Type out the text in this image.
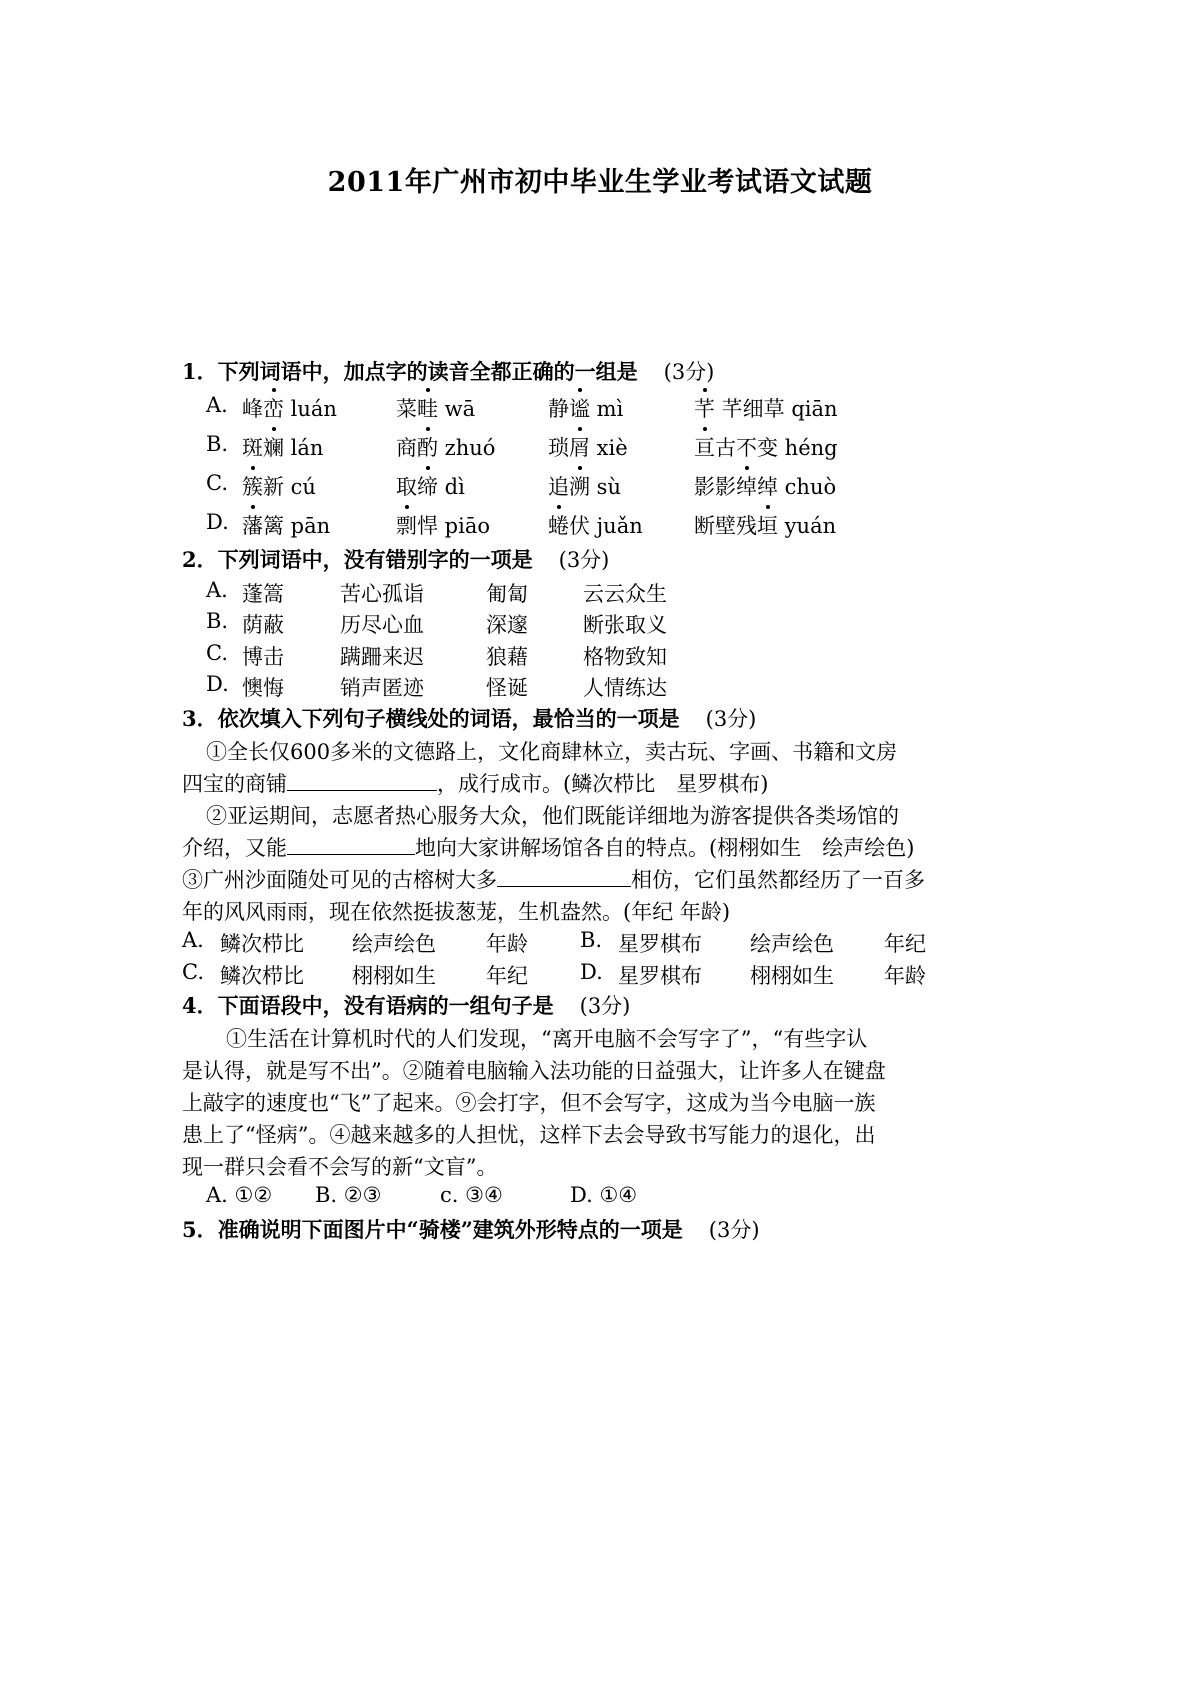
2011年广州市初中毕业生学业考试语文试题
1．下列词语中，加点字的读音全都正确的一组是 (3分)
A. 峰峦 luán	菜畦 wā	静谧 mì	芊 芊细草 qiān
B. 斑斓 lán	商酌 zhuó	琐屑 xiè	亘古不变 héng
C. 簇新 cú	取缔 dì	追溯 sù	影影绰绰 chuò
D. 藩篱 pān	剽悍 piāo	蜷伏 juǎn 断壁残垣 yuán
2．下列词语中，没有错别字的一项是 (3分)
A. 蓬篙	苦心孤诣	匍匐	云云众生
B. 荫蔽	历尽心血	深邃	断张取义
C. 博击	蹒跚来迟	狼藉	格物致知
D. 懊悔	销声匿迹	怪诞	人情练达
3．依次填入下列句子横线处的词语，最恰当的一项是 (3分)
①全长仅600多米的文德路上，文化商肆林立，卖古玩、字画、书籍和文房
四宝的商铺	，成行成市。(鳞次栉比　星罗棋布)
②亚运期间，志愿者热心服务大众，他们既能详细地为游客提供各类场馆的
介绍，又能	地向大家讲解场馆各自的特点。(栩栩如生　绘声绘色)
③广州沙面随处可见的古榕树大多	相仿，它们虽然都经历了一百多
年的风风雨雨，现在依然挺拔葱茏，生机盎然。(年纪 年龄)
A. 鳞次栉比 绘声绘色 年龄 B. 星罗棋布 绘声绘色 年纪
C. 鳞次栉比 栩栩如生 年纪 D. 星罗棋布 栩栩如生 年龄
4．下面语段中，没有语病的一组句子是 (3分)
①生活在计算机时代的人们发现，“离开电脑不会写字了”，“有些字认
是认得，就是写不出”。②随着电脑输入法功能的日益强大，让许多人在键盘
上敲字的速度也“飞”了起来。⑨会打字，但不会写字，这成为当今电脑一族
患上了“怪病”。④越来越多的人担忧，这样下去会导致书写能力的退化，出
现一群只会看不会写的新“文盲”。
A. ①② B. ②③	c. ③④	D. ①④
5．准确说明下面图片中“骑楼”建筑外形特点的一项是 (3分)
